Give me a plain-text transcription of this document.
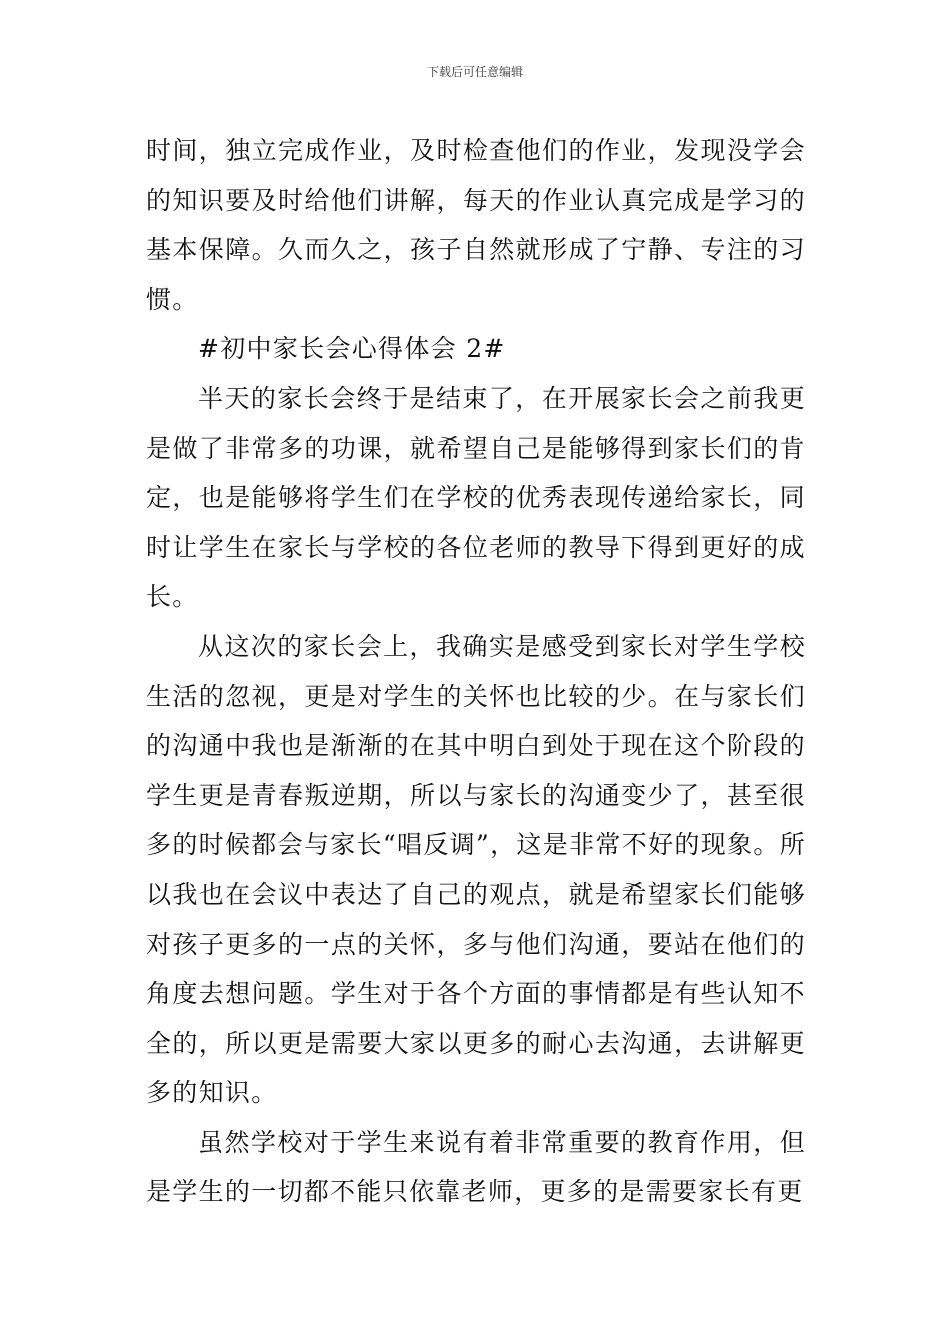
下载后可任意编辑

时间，独立完成作业，及时检查他们的作业，发现没学会的知识要及时给他们讲解，每天的作业认真完成是学习的基本保障。久而久之，孩子自然就形成了宁静、专注的习惯。

#初中家长会心得体会 2#

半天的家长会终于是结束了，在开展家长会之前我更是做了非常多的功课，就希望自己是能够得到家长们的肯定，也是能够将学生们在学校的优秀表现传递给家长，同时让学生在家长与学校的各位老师的教导下得到更好的成长。

从这次的家长会上，我确实是感受到家长对学生学校生活的忽视，更是对学生的关怀也比较的少。在与家长们的沟通中我也是渐渐的在其中明白到处于现在这个阶段的学生更是青春叛逆期，所以与家长的沟通变少了，甚至很多的时候都会与家长“唱反调”，这是非常不好的现象。所以我也在会议中表达了自己的观点，就是希望家长们能够对孩子更多的一点的关怀，多与他们沟通，要站在他们的角度去想问题。学生对于各个方面的事情都是有些认知不全的，所以更是需要大家以更多的耐心去沟通，去讲解更多的知识。

虽然学校对于学生来说有着非常重要的教育作用，但是学生的一切都不能只依靠老师，更多的是需要家长有更
